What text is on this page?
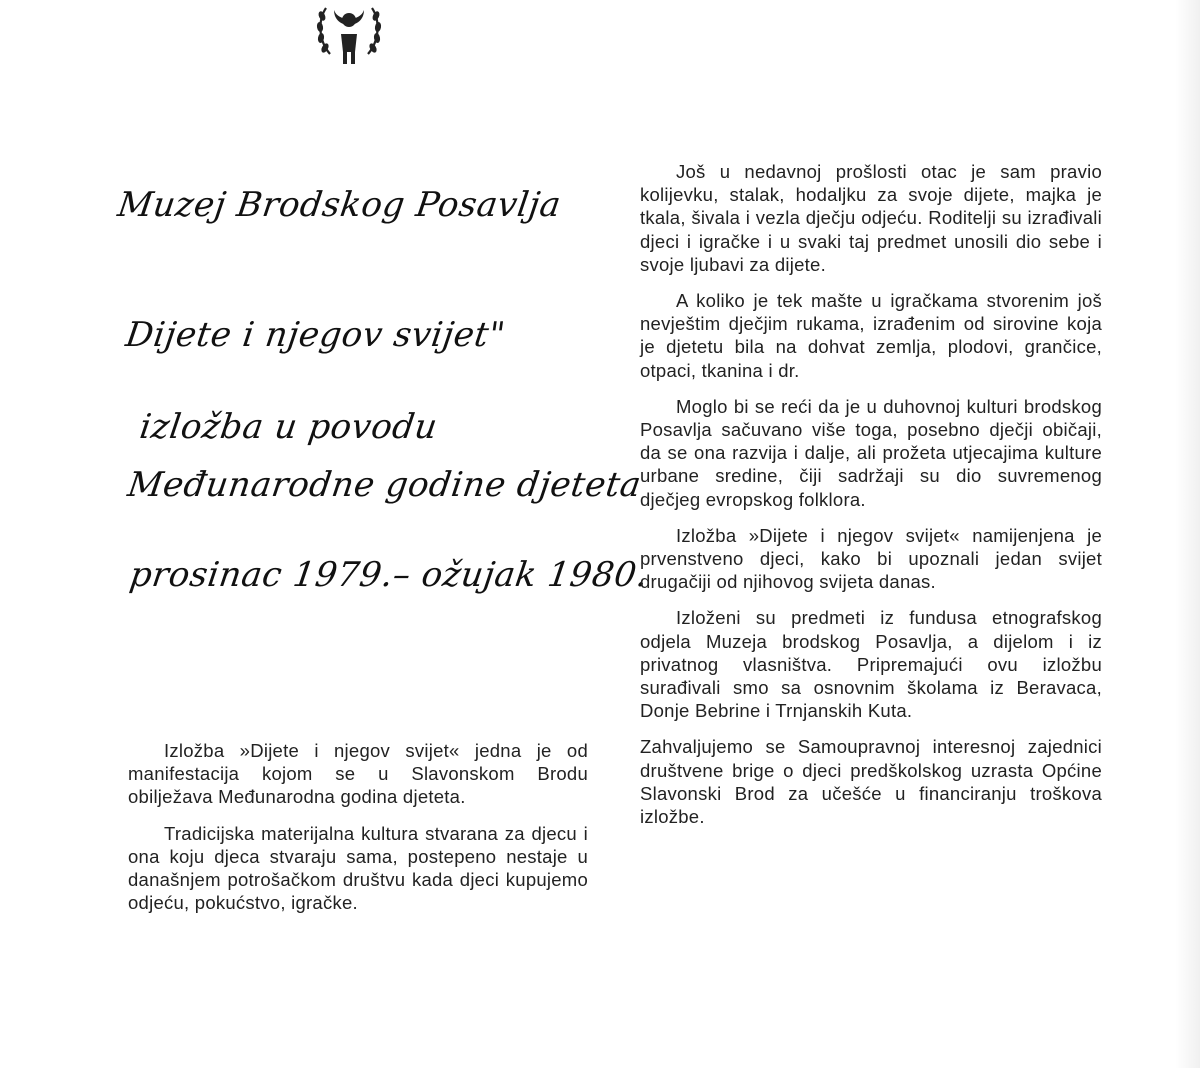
Muzej Brodskog Posavlja
Dijete i njegov svijet"
izložba u povodu
Međunarodne godine djeteta
prosinac 1979.– ožujak 1980.

Izložba »Dijete i njegov svijet« jedna je od manifestacija kojom se u Slavonskom Brodu obilježava Međunarodna godina djeteta.

Tradicijska materijalna kultura stvarana za djecu i ona koju djeca stvaraju sama, postepeno nestaje u današnjem potrošačkom društvu kada djeci kupujemo odjeću, pokućstvo, igračke.

Još u nedavnoj prošlosti otac je sam pravio kolijevku, stalak, hodaljku za svoje dijete, majka je tkala, šivala i vezla dječju odjeću. Roditelji su izrađivali djeci i igračke i u svaki taj predmet unosili dio sebe i svoje ljubavi za dijete.

A koliko je tek mašte u igračkama stvorenim još nevještim dječjim rukama, izrađenim od sirovine koja je djetetu bila na dohvat zemlja, plodovi, grančice, otpaci, tkanina i dr.

Moglo bi se reći da je u duhovnoj kulturi brodskog Posavlja sačuvano više toga, posebno dječji običaji, da se ona razvija i dalje, ali prožeta utjecajima kulture urbane sredine, čiji sadržaji su dio suvremenog dječjeg evropskog folklora.

Izložba »Dijete i njegov svijet« namijenjena je prvenstveno djeci, kako bi upoznali jedan svijet drugačiji od njihovog svijeta danas.

Izloženi su predmeti iz fundusa etnografskog odjela Muzeja brodskog Posavlja, a dijelom i iz privatnog vlasništva. Pripremajući ovu izložbu surađivali smo sa osnovnim školama iz Beravaca, Donje Bebrine i Trnjanskih Kuta.

Zahvaljujemo se Samoupravnoj interesnoj zajednici društvene brige o djeci predškolskog uzrasta Općine Slavonski Brod za učešće u financiranju troškova izložbe.
